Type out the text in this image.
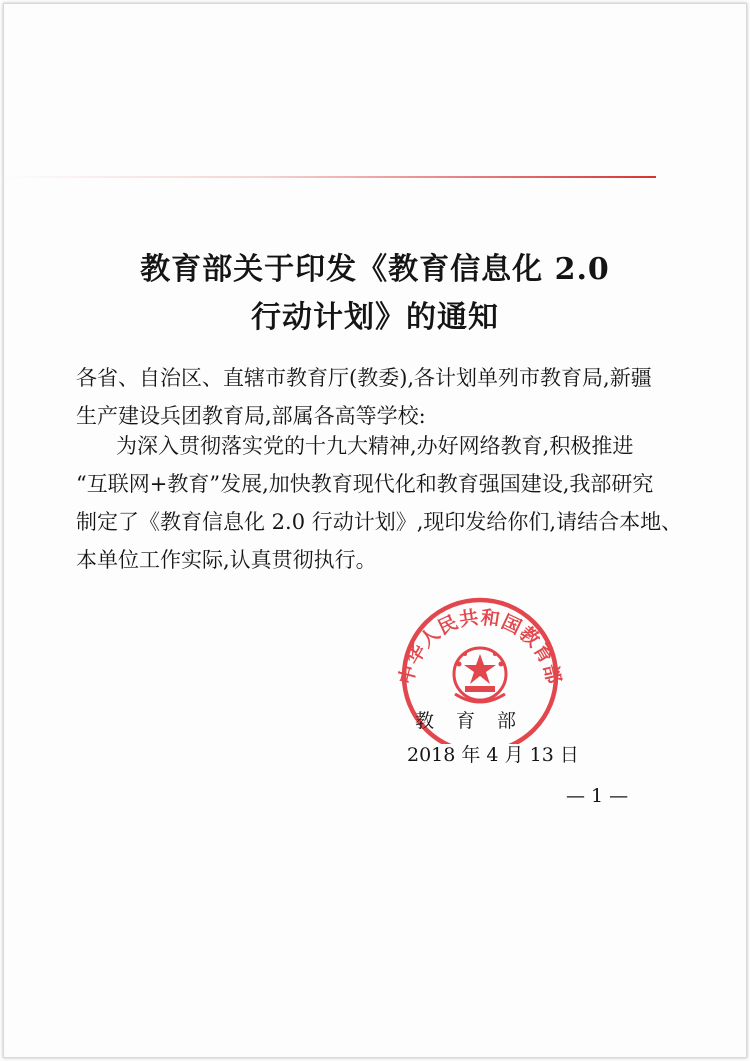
教育部关于印发《教育信息化 2.0
行动计划》的通知
各省、自治区、直辖市教育厅(教委),各计划单列市教育局,新疆
生产建设兵团教育局,部属各高等学校:
为深入贯彻落实党的十九大精神,办好网络教育,积极推进
“互联网+教育”发展,加快教育现代化和教育强国建设,我部研究
制定了《教育信息化 2.0 行动计划》,现印发给你们,请结合本地、
本单位工作实际,认真贯彻执行。
中华人民共和国教育部
教育部
2018 年 4 月 13 日
— 1 —
